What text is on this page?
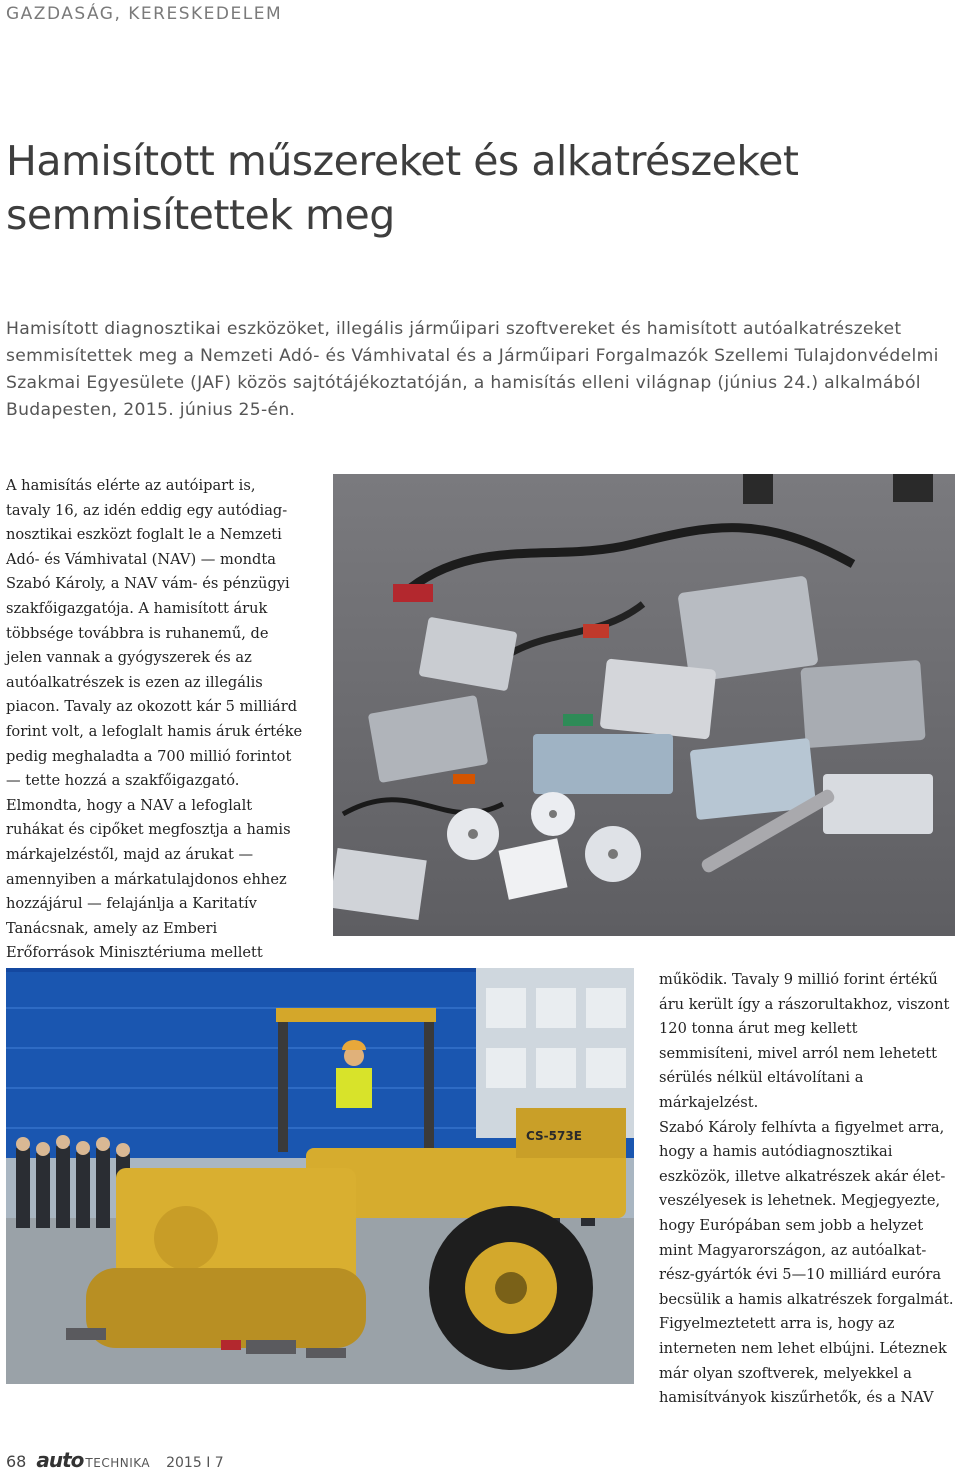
GAZDASÁG, KERESKEDELEM
Hamisított műszereket és alkatrészeket
semmisítettek meg

Hamisított diagnosztikai eszközöket, illegális járműipari szoftvereket és hamisított autóalkatrészeket semmisítettek meg a Nemzeti Adó- és Vámhivatal és a Járműipari Forgalmazók Szellemi Tulajdonvédelmi Szakmai Egyesülete (JAF) közös sajtótájékoztatóján, a hamisítás elleni világnap (június 24.) alkalmából Budapesten, 2015. június 25-én.

A hamisítás elérte az autóipart is, tavaly 16, az idén eddig egy autódiagnosztikai eszközt foglalt le a Nemzeti Adó- és Vámhivatal (NAV) — mondta Szabó Károly, a NAV vám- és pénzügyi szakfőigazgatója. A hamisított áruk többsége továbbra is ruhanemű, de jelen vannak a gyógyszerek és az autóalkatrészek is ezen az illegális piacon. Tavaly az okozott kár 5 milliárd forint volt, a lefoglalt hamis áruk értéke pedig meghaladta a 700 millió forintot — tette hozzá a szakfőigazgató. Elmondta, hogy a NAV a lefoglalt ruhákat és cipőket megfosztja a hamis márkajelzéstől, majd az árukat — amennyiben a márkatulajdonos ehhez hozzájárul — felajánlja a Karitatív Tanácsnak, amely az Emberi Erőforrások Minisztériuma mellett

CS-573E

működik. Tavaly 9 millió forint értékű áru került így a rászorultakhoz, viszont 120 tonna árut meg kellett semmisíteni, mivel arról nem lehetett sérülés nélkül eltávolítani a márkajelzést.

Szabó Károly felhívta a figyelmet arra, hogy a hamis autódiagnosztikai eszközök, illetve alkatrészek akár életveszélyesek is lehetnek. Megjegyezte, hogy Európában sem jobb a helyzet mint Magyarországon, az autóalkatrész-gyártók évi 5—10 milliárd euróra becsülik a hamis alkatrészek forgalmát. Figyelmeztetett arra is, hogy az interneten nem lehet elbújni. Léteznek már olyan szoftverek, melyekkel a hamisítványok kiszűrhetők, és a NAV

68 auto TECHNIKA 2015 I 7
